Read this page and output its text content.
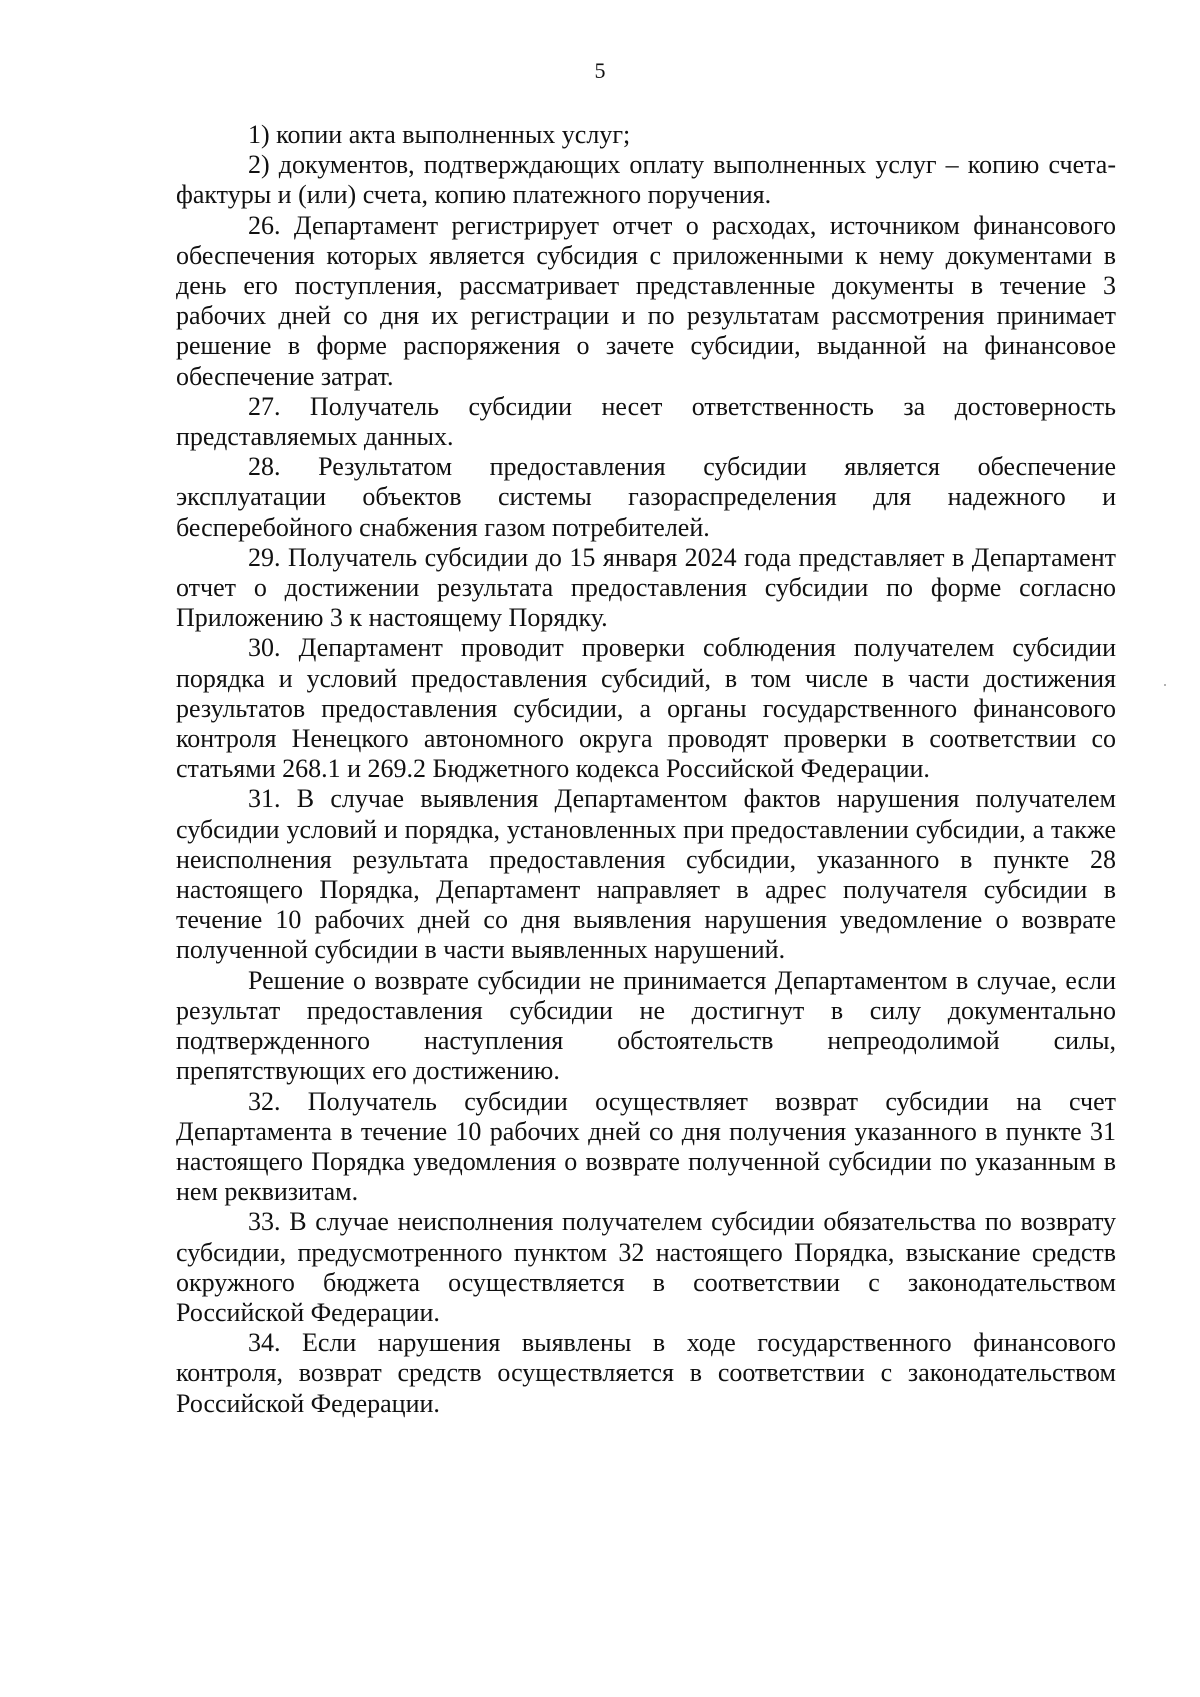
5

1) копии акта выполненных услуг;

2) документов, подтверждающих оплату выполненных услуг – копию счета-фактуры и (или) счета, копию платежного поручения.

26. Департамент регистрирует отчет о расходах, источником финансового обеспечения которых является субсидия с приложенными к нему документами в день его поступления, рассматривает представленные документы в течение 3 рабочих дней со дня их регистрации и по результатам рассмотрения принимает решение в форме распоряжения о зачете субсидии, выданной на финансовое обеспечение затрат.

27. Получатель субсидии несет ответственность за достоверность представляемых данных.

28. Результатом предоставления субсидии является обеспечение эксплуатации объектов системы газораспределения для надежного и бесперебойного снабжения газом потребителей.

29. Получатель субсидии до 15 января 2024 года представляет в Департамент отчет о достижении результата предоставления субсидии по форме согласно Приложению 3 к настоящему Порядку.

30. Департамент проводит проверки соблюдения получателем субсидии порядка и условий предоставления субсидий, в том числе в части достижения результатов предоставления субсидии, а органы государственного финансового контроля Ненецкого автономного округа проводят проверки в соответствии со статьями 268.1 и 269.2 Бюджетного кодекса Российской Федерации.

31. В случае выявления Департаментом фактов нарушения получателем субсидии условий и порядка, установленных при предоставлении субсидии, а также неисполнения результата предоставления субсидии, указанного в пункте 28 настоящего Порядка, Департамент направляет в адрес получателя субсидии в течение 10 рабочих дней со дня выявления нарушения уведомление о возврате полученной субсидии в части выявленных нарушений.

Решение о возврате субсидии не принимается Департаментом в случае, если результат предоставления субсидии не достигнут в силу документально подтвержденного наступления обстоятельств непреодолимой силы, препятствующих его достижению.

32. Получатель субсидии осуществляет возврат субсидии на счет Департамента в течение 10 рабочих дней со дня получения указанного в пункте 31 настоящего Порядка уведомления о возврате полученной субсидии по указанным в нем реквизитам.

33. В случае неисполнения получателем субсидии обязательства по возврату субсидии, предусмотренного пунктом 32 настоящего Порядка, взыскание средств окружного бюджета осуществляется в соответствии с законодательством Российской Федерации.

34. Если нарушения выявлены в ходе государственного финансового контроля, возврат средств осуществляется в соответствии с законодательством Российской Федерации.
